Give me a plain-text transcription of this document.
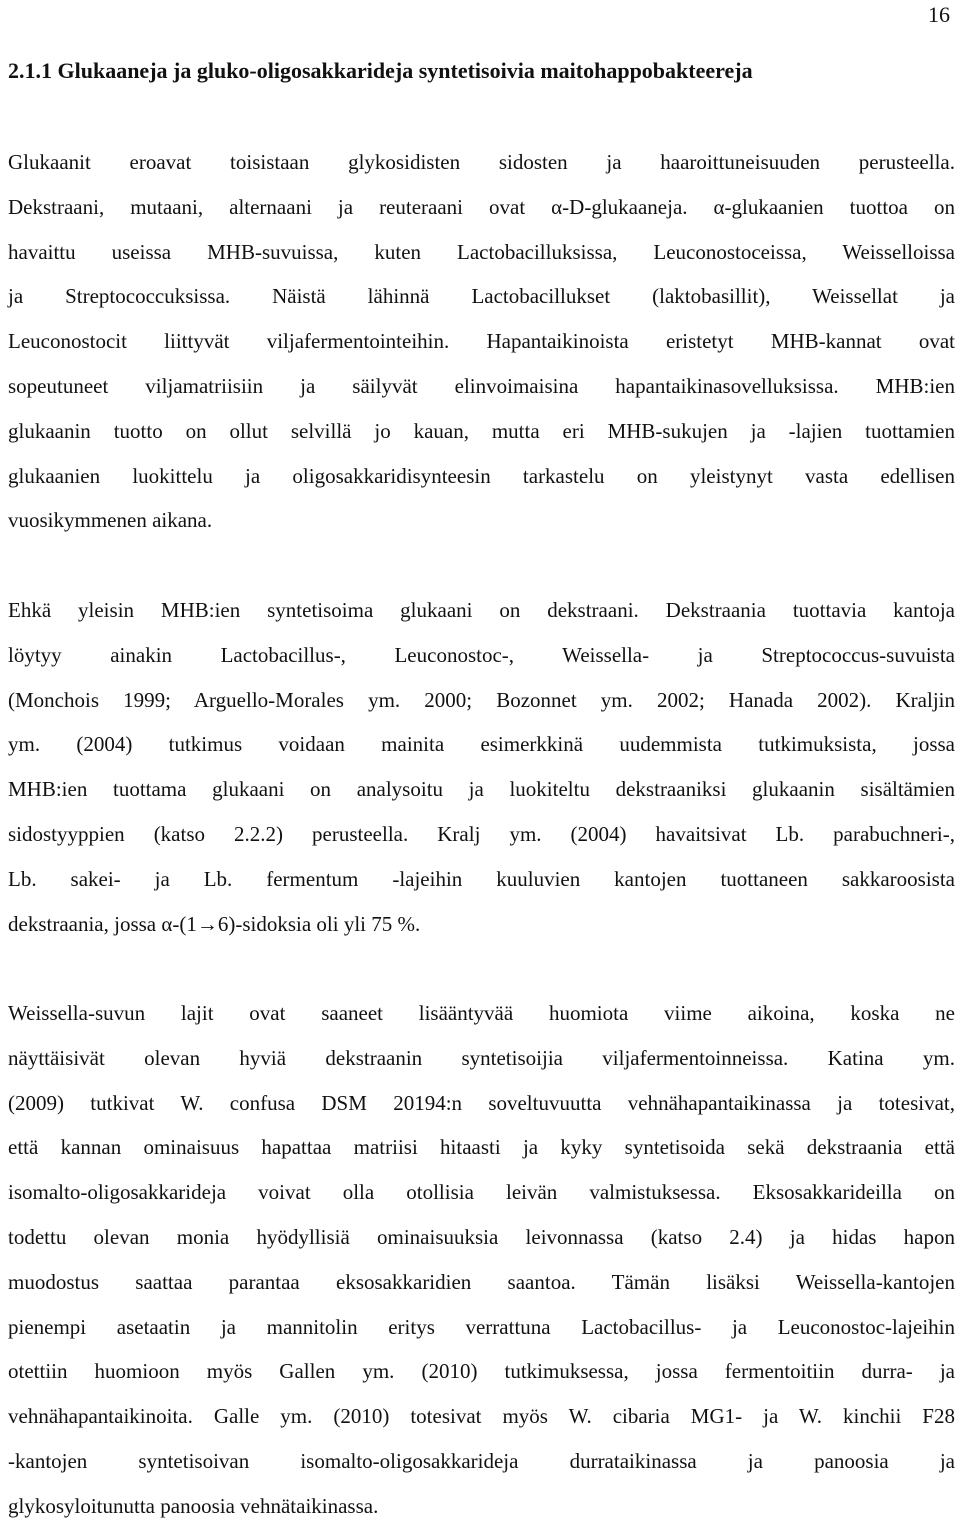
16
2.1.1 Glukaaneja ja gluko-oligosakkarideja syntetisoivia maitohappobakteereja
Glukaanit eroavat toisistaan glykosidisten sidosten ja haaroittuneisuuden perusteella.
Dekstraani, mutaani, alternaani ja reuteraani ovat α-D-glukaaneja. α-glukaanien tuottoa on
havaittu useissa MHB-suvuissa, kuten Lactobacilluksissa, Leuconostoceissa, Weisselloissa
ja Streptococcuksissa. Näistä lähinnä Lactobacillukset (laktobasillit), Weissellat ja
Leuconostocit liittyvät viljafermentointeihin. Hapantaikinoista eristetyt MHB-kannat ovat
sopeutuneet viljamatriisiin ja säilyvät elinvoimaisina hapantaikinasovelluksissa. MHB:ien
glukaanin tuotto on ollut selvillä jo kauan, mutta eri MHB-sukujen ja -lajien tuottamien
glukaanien luokittelu ja oligosakkaridisynteesin tarkastelu on yleistynyt vasta edellisen
vuosikymmenen aikana.
Ehkä yleisin MHB:ien syntetisoima glukaani on dekstraani. Dekstraania tuottavia kantoja
löytyy ainakin Lactobacillus-, Leuconostoc-, Weissella- ja Streptococcus-suvuista
(Monchois 1999; Arguello-Morales ym. 2000; Bozonnet ym. 2002; Hanada 2002). Kraljin
ym. (2004) tutkimus voidaan mainita esimerkkinä uudemmista tutkimuksista, jossa
MHB:ien tuottama glukaani on analysoitu ja luokiteltu dekstraaniksi glukaanin sisältämien
sidostyyppien (katso 2.2.2) perusteella. Kralj ym. (2004) havaitsivat Lb. parabuchneri-,
Lb. sakei- ja Lb. fermentum -lajeihin kuuluvien kantojen tuottaneen sakkaroosista
dekstraania, jossa α-(1→6)-sidoksia oli yli 75 %.
Weissella-suvun lajit ovat saaneet lisääntyvää huomiota viime aikoina, koska ne
näyttäisivät olevan hyviä dekstraanin syntetisoijia viljafermentoinneissa. Katina ym.
(2009) tutkivat W. confusa DSM 20194:n soveltuvuutta vehnähapantaikinassa ja totesivat,
että kannan ominaisuus hapattaa matriisi hitaasti ja kyky syntetisoida sekä dekstraania että
isomalto-oligosakkarideja voivat olla otollisia leivän valmistuksessa. Eksosakkarideilla on
todettu olevan monia hyödyllisiä ominaisuuksia leivonnassa (katso 2.4) ja hidas hapon
muodostus saattaa parantaa eksosakkaridien saantoa. Tämän lisäksi Weissella-kantojen
pienempi asetaatin ja mannitolin eritys verrattuna Lactobacillus- ja Leuconostoc-lajeihin
otettiin huomioon myös Gallen ym. (2010) tutkimuksessa, jossa fermentoitiin durra- ja
vehnähapantaikinoita. Galle ym. (2010) totesivat myös W. cibaria MG1- ja W. kinchii F28
-kantojen syntetisoivan isomalto-oligosakkarideja durrataikinassa ja panoosia ja
glykosyloitunutta panoosia vehnätaikinassa.
